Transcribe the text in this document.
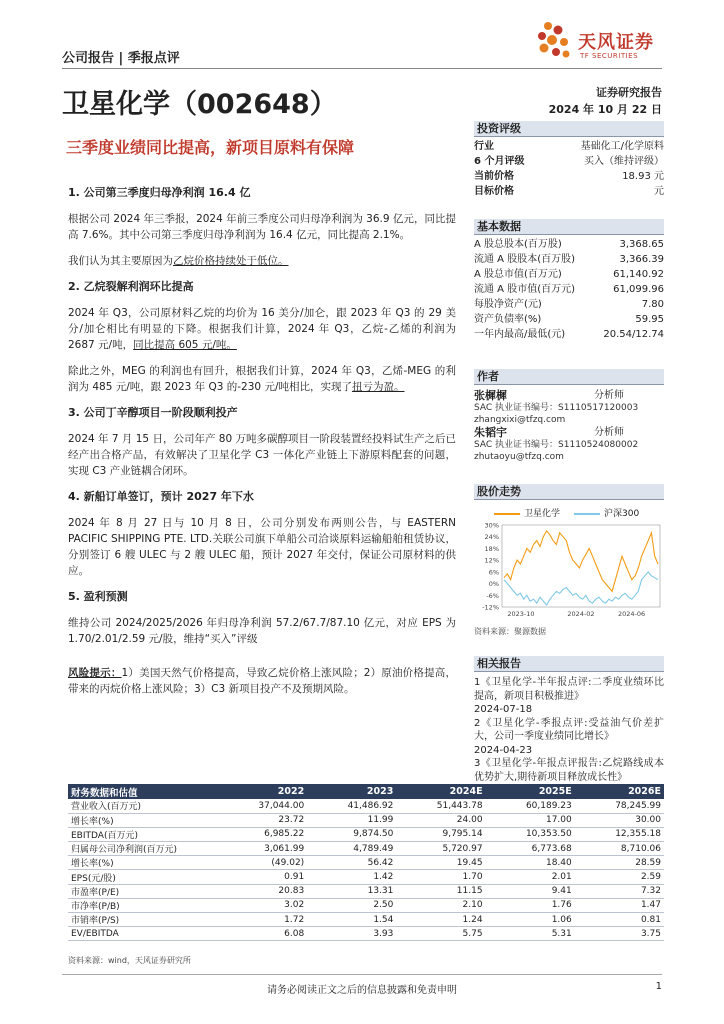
公司报告 | 季报点评
天风证券
TF SECURITIES
卫星化学（002648）	证券研究报告
2024 年 10 月 22 日
三季度业绩同比提高，新项目原料有保障
1. 公司第三季度归母净利润 16.4 亿

根据公司 2024 年三季报，2024 年前三季度公司归母净利润为 36.9 亿元，同比提高 7.6%。其中公司第三季度归母净利润为 16.4 亿元，同比提高 2.1%。

我们认为其主要原因为乙烷价格持续处于低位。

2. 乙烷裂解利润环比提高

2024 年 Q3，公司原材料乙烷的均价为 16 美分/加仑，跟 2023 年 Q3 的 29 美分/加仑相比有明显的下降。根据我们计算，2024 年 Q3，乙烷-乙烯的利润为 2687 元/吨，同比提高 605 元/吨。

除此之外，MEG 的利润也有回升，根据我们计算，2024 年 Q3，乙烯-MEG 的利润为 485 元/吨，跟 2023 年 Q3 的-230 元/吨相比，实现了扭亏为盈。

3. 公司丁辛醇项目一阶段顺利投产

2024 年 7 月 15 日，公司年产 80 万吨多碳醇项目一阶段装置经投料试生产之后已经产出合格产品，有效解决了卫星化学 C3 一体化产业链上下游原料配套的问题，实现 C3 产业链耦合闭环。

4. 新船订单签订，预计 2027 年下水

2024 年 8 月 27 日与 10 月 8 日，公司分别发布两则公告，与 EASTERN PACIFIC SHIPPING PTE. LTD.关联公司旗下单船公司洽谈原料运输船舶租赁协议，分别签订 6 艘 ULEC 与 2 艘 ULEC 船，预计 2027 年交付，保证公司原材料的供应。

5. 盈利预测

维持公司 2024/2025/2026 年归母净利润 57.2/67.7/87.10 亿元，对应 EPS 为 1.70/2.01/2.59 元/股，维持“买入”评级

风险提示：1）美国天然气价格提高，导致乙烷价格上涨风险；2）原油价格提高，带来的丙烷价格上涨风险；3）C3 新项目投产不及预期风险。

投资评级
行业	基础化工/化学原料
6 个月评级	买入（维持评级）
当前价格	18.93 元
目标价格	元
基本数据
A 股总股本(百万股)	3,368.65
流通 A 股股本(百万股)	3,366.39
A 股总市值(百万元)	61,140.92
流通 A 股市值(百万元)	61,099.96
每股净资产(元)	7.80
资产负债率(%)	59.95
一年内最高/最低(元)	20.54/12.74
作者
张樨樨	分析师
SAC 执业证书编号：S1110517120003
zhangxixi@tfzq.com
朱韬宇	分析师
SAC 执业证书编号：S1110524080002
zhutaoyu@tfzq.com
股价走势
卫星化学	沪深300
30%
24%
18%
12%
6%
0%
-6%
-12%
2023-10	2024-02	2024-06
资料来源：聚源数据
相关报告

1《卫星化学-半年报点评:二季度业绩环比提高，新项目积极推进》

2024-07-18

2《卫星化学-季报点评:受益油气价差扩大，公司一季度业绩同比增长》

2024-04-23

3《卫星化学-年报点评报告:乙烷路线成本优势扩大,期待新项目释放成长性》

财务数据和估值	2022	2023	2024E	2025E	2026E
营业收入(百万元)	37,044.00	41,486.92	51,443.78	60,189.23	78,245.99
增长率(%)	23.72	11.99	24.00	17.00	30.00
EBITDA(百万元)	6,985.22	9,874.50	9,795.14	10,353.50	12,355.18
归属母公司净利润(百万元)	3,061.99	4,789.49	5,720.97	6,773.68	8,710.06
增长率(%)	(49.02)	56.42	19.45	18.40	28.59
EPS(元/股)	0.91	1.42	1.70	2.01	2.59
市盈率(P/E)	20.83	13.31	11.15	9.41	7.32
市净率(P/B)	3.02	2.50	2.10	1.76	1.47
市销率(P/S)	1.72	1.54	1.24	1.06	0.81
EV/EBITDA	6.08	3.93	5.75	5.31	3.75
资料来源：wind，天风证券研究所
请务必阅读正文之后的信息披露和免责申明	1
